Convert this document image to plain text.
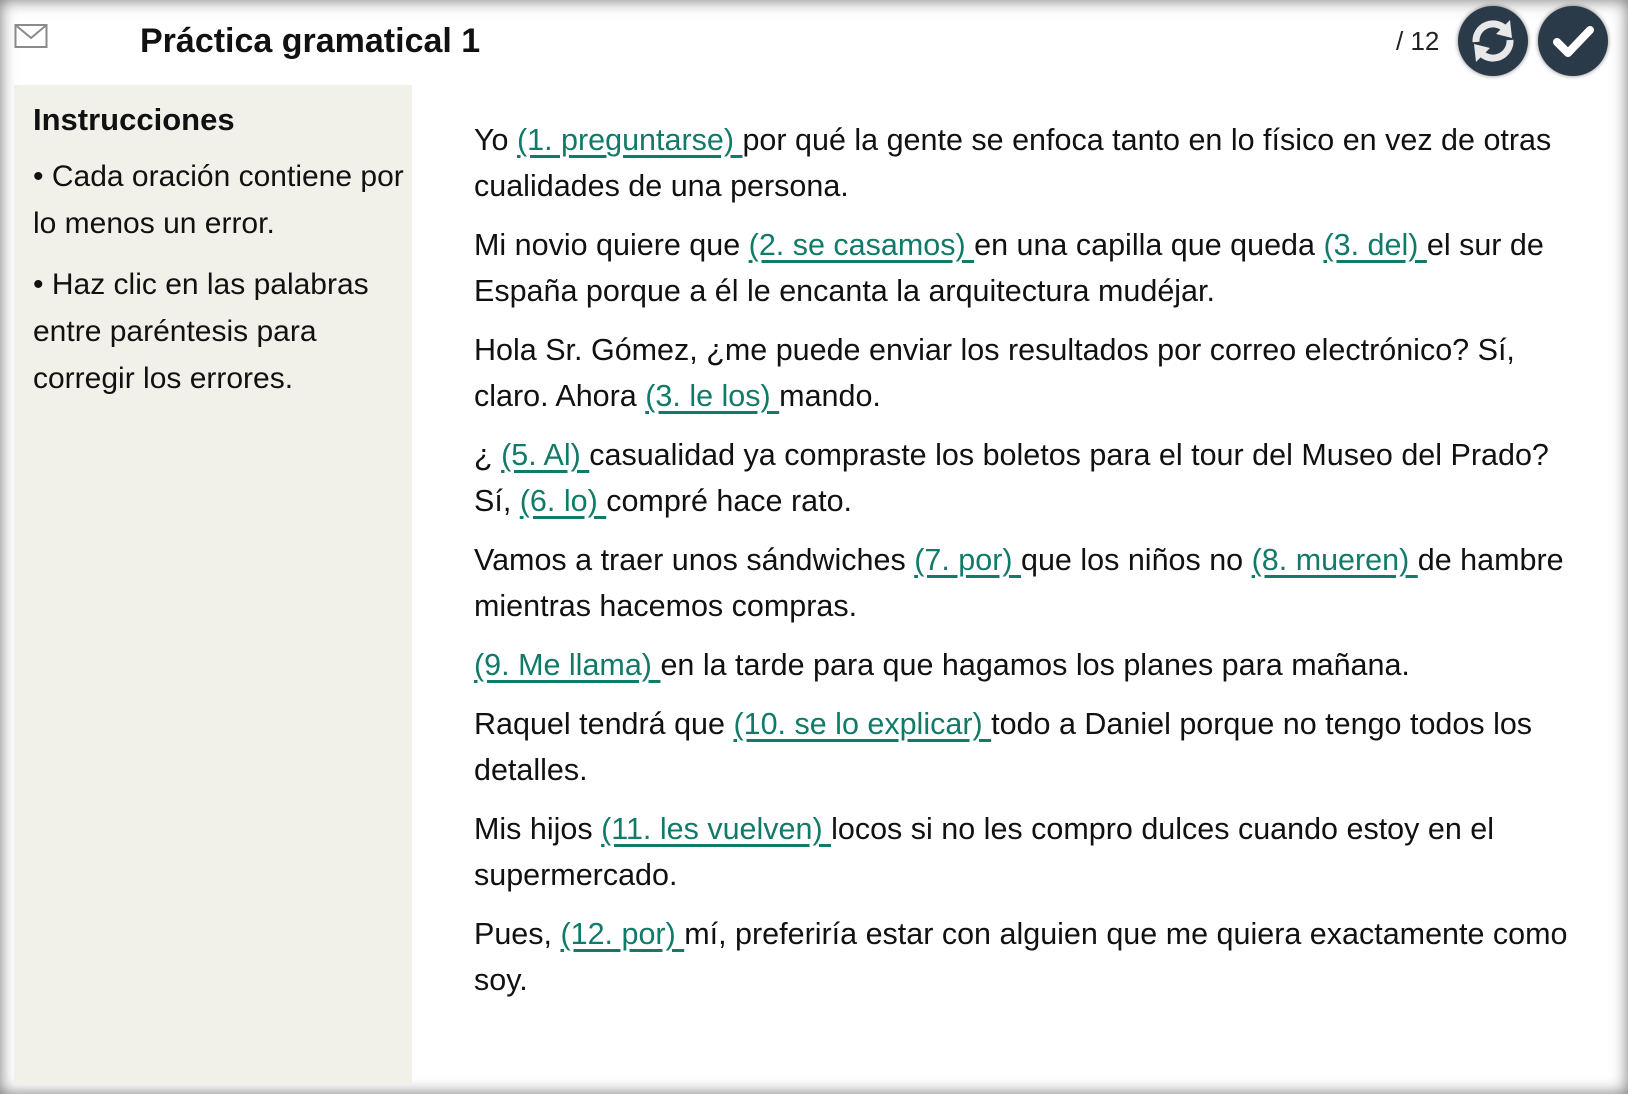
Práctica gramatical 1	/ 12
Instrucciones
• Cada oración contiene por lo menos un error.
• Haz clic en las palabras entre paréntesis para corregir los errores.

Yo (1. preguntarse) por qué la gente se enfoca tanto en lo físico en vez de otras cualidades de una persona.

Mi novio quiere que (2. se casamos) en una capilla que queda (3. del) el sur de España porque a él le encanta la arquitectura mudéjar.

Hola Sr. Gómez, ¿me puede enviar los resultados por correo electrónico? Sí, claro. Ahora (3. le los) mando.

¿ (5. Al) casualidad ya compraste los boletos para el tour del Museo del Prado? Sí, (6. lo) compré hace rato.

Vamos a traer unos sándwiches (7. por) que los niños no (8. mueren) de hambre mientras hacemos compras.

(9. Me llama) en la tarde para que hagamos los planes para mañana.

Raquel tendrá que (10. se lo explicar) todo a Daniel porque no tengo todos los detalles.

Mis hijos (11. les vuelven) locos si no les compro dulces cuando estoy en el supermercado.

Pues, (12. por) mí, preferiría estar con alguien que me quiera exactamente como soy.
